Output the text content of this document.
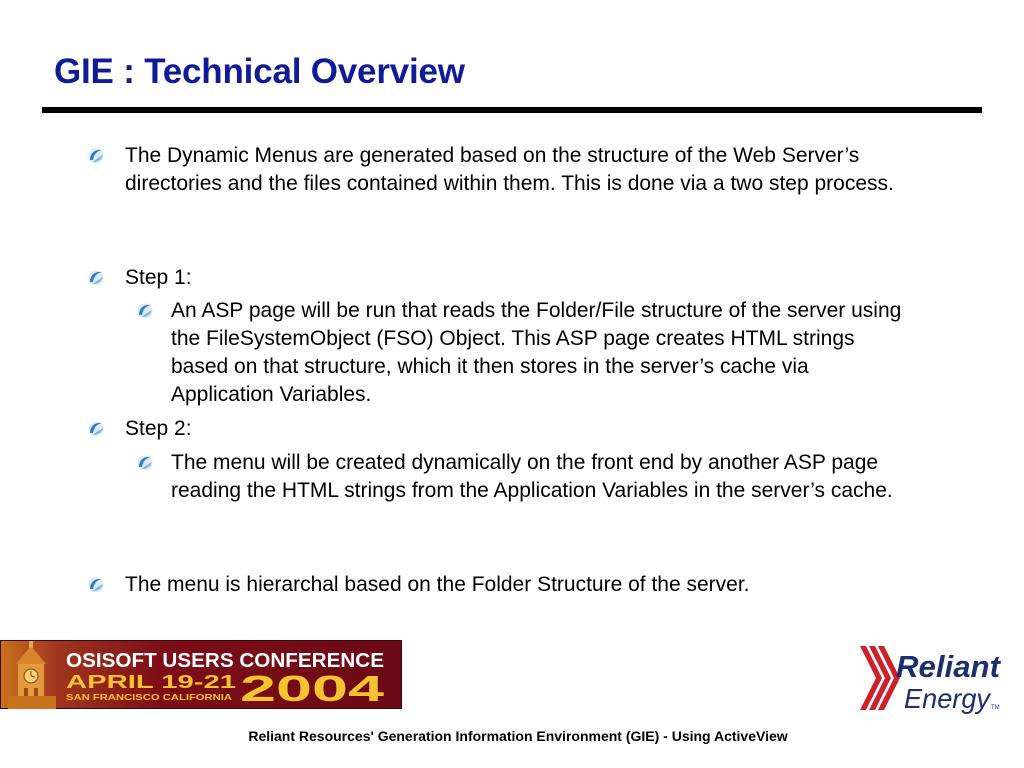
GIE : Technical Overview
The Dynamic Menus are generated based on the structure of the Web Server’s directories and the files contained within them. This is done via a two step process.
Step 1:
An ASP page will be run that reads the Folder/File structure of the server using the FileSystemObject (FSO) Object. This ASP page creates HTML strings based on that structure, which it then stores in the server’s cache via Application Variables.
Step 2:
The menu will be created dynamically on the front end by another ASP page reading the HTML strings from the Application Variables in the server’s cache.
The menu is hierarchal based on the Folder Structure of the server.
OSISOFT USERS CONFERENCE
APRIL 19-21
SAN FRANCISCO CALIFORNIA 2004
Reliant
Energy TM
Reliant Resources' Generation Information Environment (GIE) - Using ActiveView
